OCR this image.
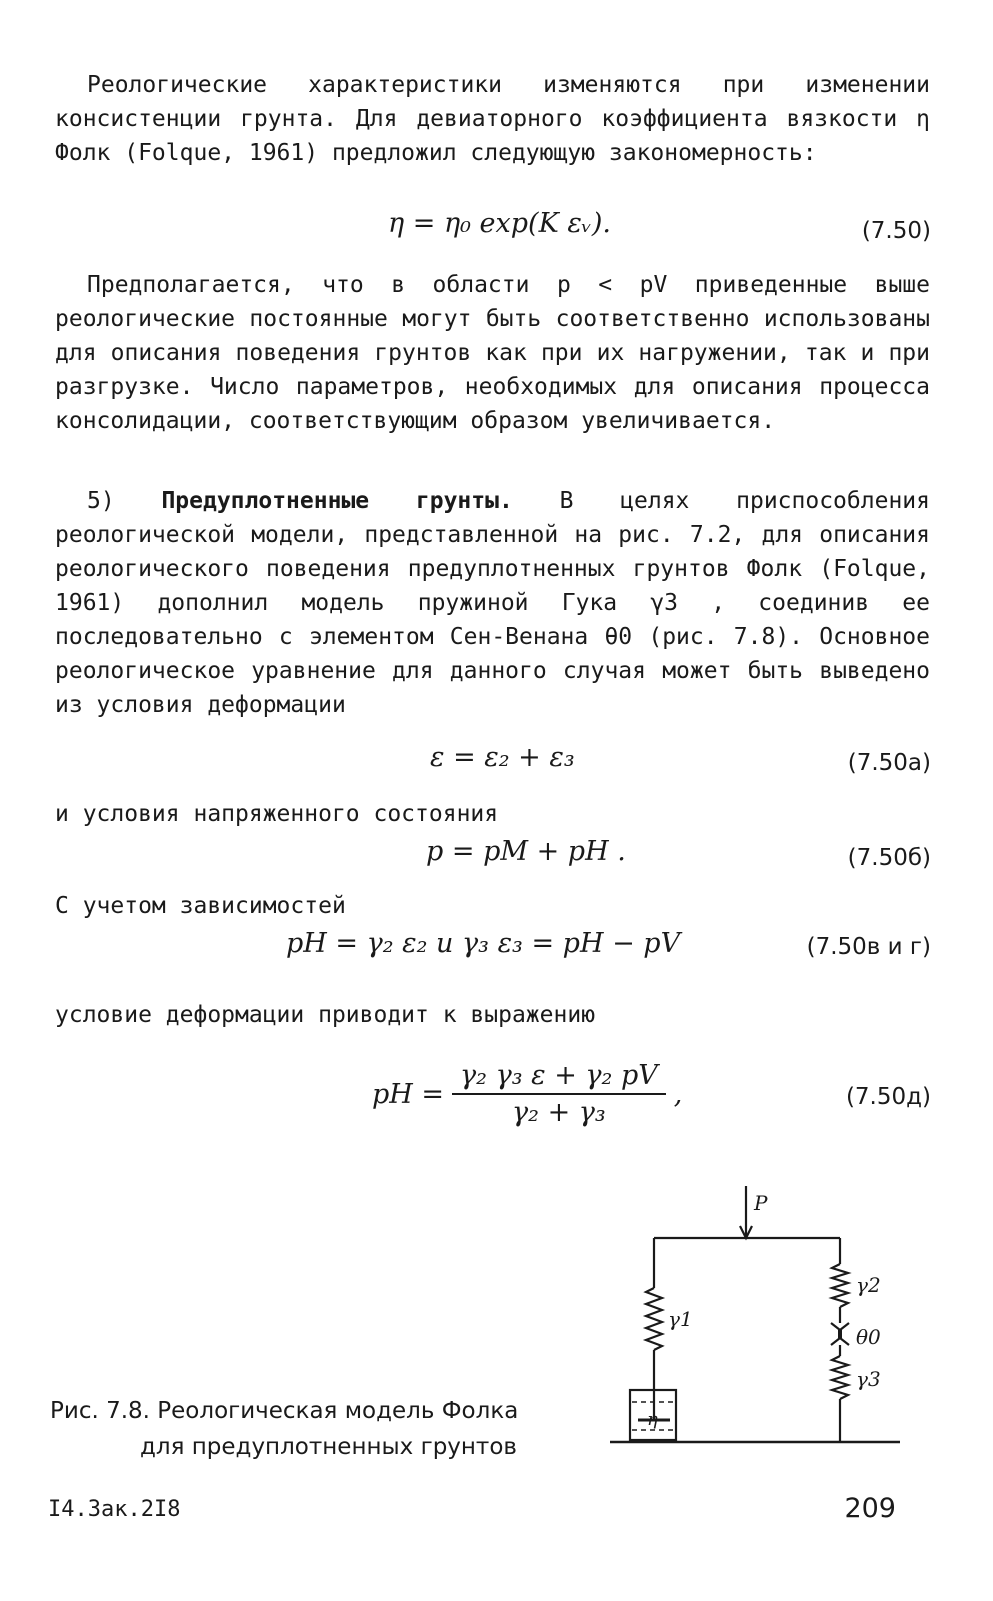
Реологические характеристики изменяются при изменении консистенции грунта. Для девиаторного коэффициента вязкости η Фолк (Folque, 1961) предложил следующую закономерность:

η = η₀ exp(K εᵥ).	(7.50)

Предполагается, что в области p < pV приведенные выше реологические постоянные могут быть соответственно использованы для описания поведения грунтов как при их нагружении, так и при разгрузке. Число параметров, необходимых для описания процесса консолидации, соответствующим образом увеличивается.

5) Предуплотненные грунты. В целях приспособления реологической модели, представленной на рис. 7.2, для описания реологического поведения предуплотненных грунтов Фолк (Folque, 1961) дополнил модель пружиной Гука γ3 , соединив ее последовательно с элементом Сен-Венана θ0 (рис. 7.8). Основное реологическое уравнение для данного случая может быть выведено из условия деформации

ε = ε₂ + ε₃	(7.50а)

и условия напряженного состояния

p = pМ + pН .	(7.50б)

С учетом зависимостей

pН = γ₂ ε₂ и γ₃ ε₃ = pН − pV	(7.50в и г)

условие деформации приводит к выражению

pН = $\frac{\text{γ₂ γ₃ ε + γ₂ pV}}{\text{γ₂ + γ₃}}$ ,	(7.50д)
P
γ1
γ2
θ0
γ3
η
Рис. 7.8. Реологическая модель Фолка
для предуплотненных грунтов
I4.Зак.2I8	209
